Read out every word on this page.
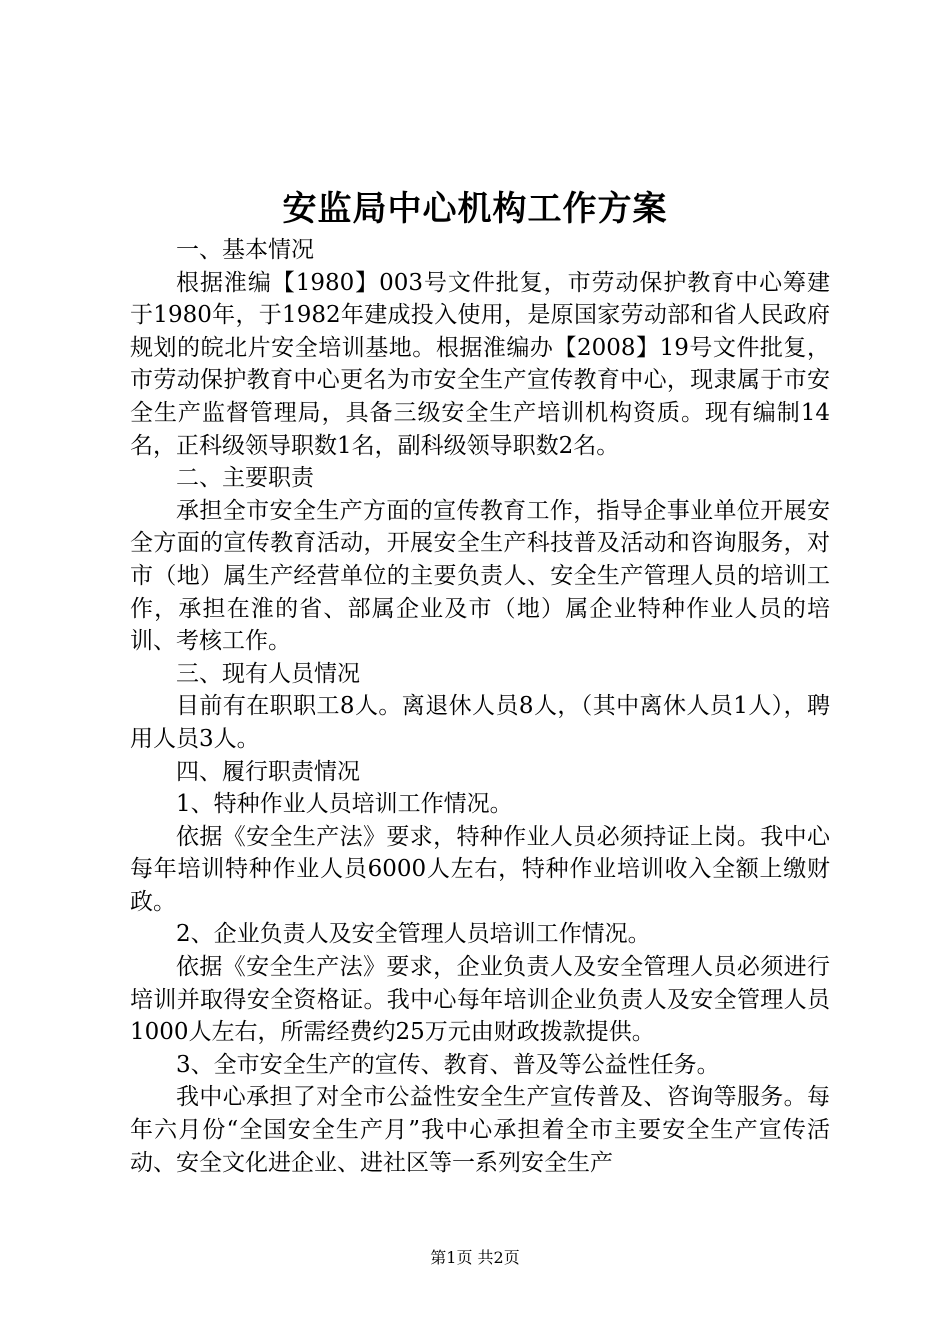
安监局中心机构工作方案

一、基本情况

根据淮编【1980】003号文件批复，市劳动保护教育中心筹建于1980年，于1982年建成投入使用，是原国家劳动部和省人民政府规划的皖北片安全培训基地。根据淮编办【2008】19号文件批复，市劳动保护教育中心更名为市安全生产宣传教育中心，现隶属于市安全生产监督管理局，具备三级安全生产培训机构资质。现有编制14名，正科级领导职数1名，副科级领导职数2名。

二、主要职责

承担全市安全生产方面的宣传教育工作，指导企事业单位开展安全方面的宣传教育活动，开展安全生产科技普及活动和咨询服务，对市（地）属生产经营单位的主要负责人、安全生产管理人员的培训工作，承担在淮的省、部属企业及市（地）属企业特种作业人员的培训、考核工作。

三、现有人员情况

目前有在职职工8人。离退休人员8人，（其中离休人员1人），聘用人员3人。

四、履行职责情况

1、特种作业人员培训工作情况。

依据《安全生产法》要求，特种作业人员必须持证上岗。我中心每年培训特种作业人员6000人左右，特种作业培训收入全额上缴财政。

2、企业负责人及安全管理人员培训工作情况。

依据《安全生产法》要求，企业负责人及安全管理人员必须进行培训并取得安全资格证。我中心每年培训企业负责人及安全管理人员1000人左右，所需经费约25万元由财政拨款提供。

3、全市安全生产的宣传、教育、普及等公益性任务。

我中心承担了对全市公益性安全生产宣传普及、咨询等服务。每年六月份“全国安全生产月”我中心承担着全市主要安全生产宣传活动、安全文化进企业、进社区等一系列安全生产

第1页 共2页
